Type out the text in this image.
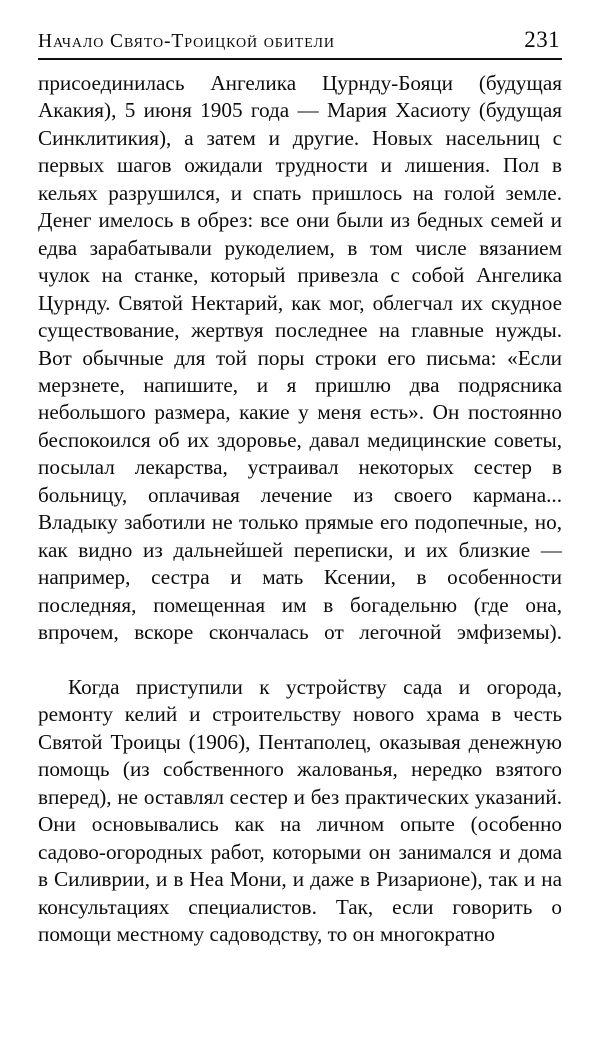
Начало Свято-Троицкой обители	231

присоединилась Ангелика Цурнду-Бояци (будущая Акакия), 5 июня 1905 года — Мария Хасиоту (будущая Синклитикия), а затем и другие. Новых насельниц с первых шагов ожидали трудности и лишения. Пол в кельях разрушился, и спать пришлось на голой земле. Денег имелось в обрез: все они были из бедных семей и едва зарабатывали рукоделием, в том числе вязанием чулок на станке, который привезла с собой Ангелика Цурнду. Святой Нектарий, как мог, облегчал их скудное существование, жертвуя последнее на главные нужды. Вот обычные для той поры строки его письма: «Если мерзнете, напишите, и я пришлю два подрясника небольшого размера, какие у меня есть». Он постоянно беспокоился об их здоровье, давал медицинские советы, посылал лекарства, устраивал некоторых сестер в больницу, оплачивая лечение из своего кармана... Владыку заботили не только прямые его подопечные, но, как видно из дальнейшей переписки, и их близкие — например, сестра и мать Ксении, в особенности последняя, помещенная им в богадельню (где она, впрочем, вскоре скончалась от легочной эмфиземы).

Когда приступили к устройству сада и огорода, ремонту келий и строительству нового храма в честь Святой Троицы (1906), Пентаполец, оказывая денежную помощь (из собственного жалованья, нередко взятого вперед), не оставлял сестер и без практических указаний. Они основывались как на личном опыте (особенно садово-огородных работ, которыми он занимался и дома в Силиврии, и в Неа Мони, и даже в Ризарионе), так и на консультациях специалистов. Так, если говорить о помощи местному садоводству, то он многократно
